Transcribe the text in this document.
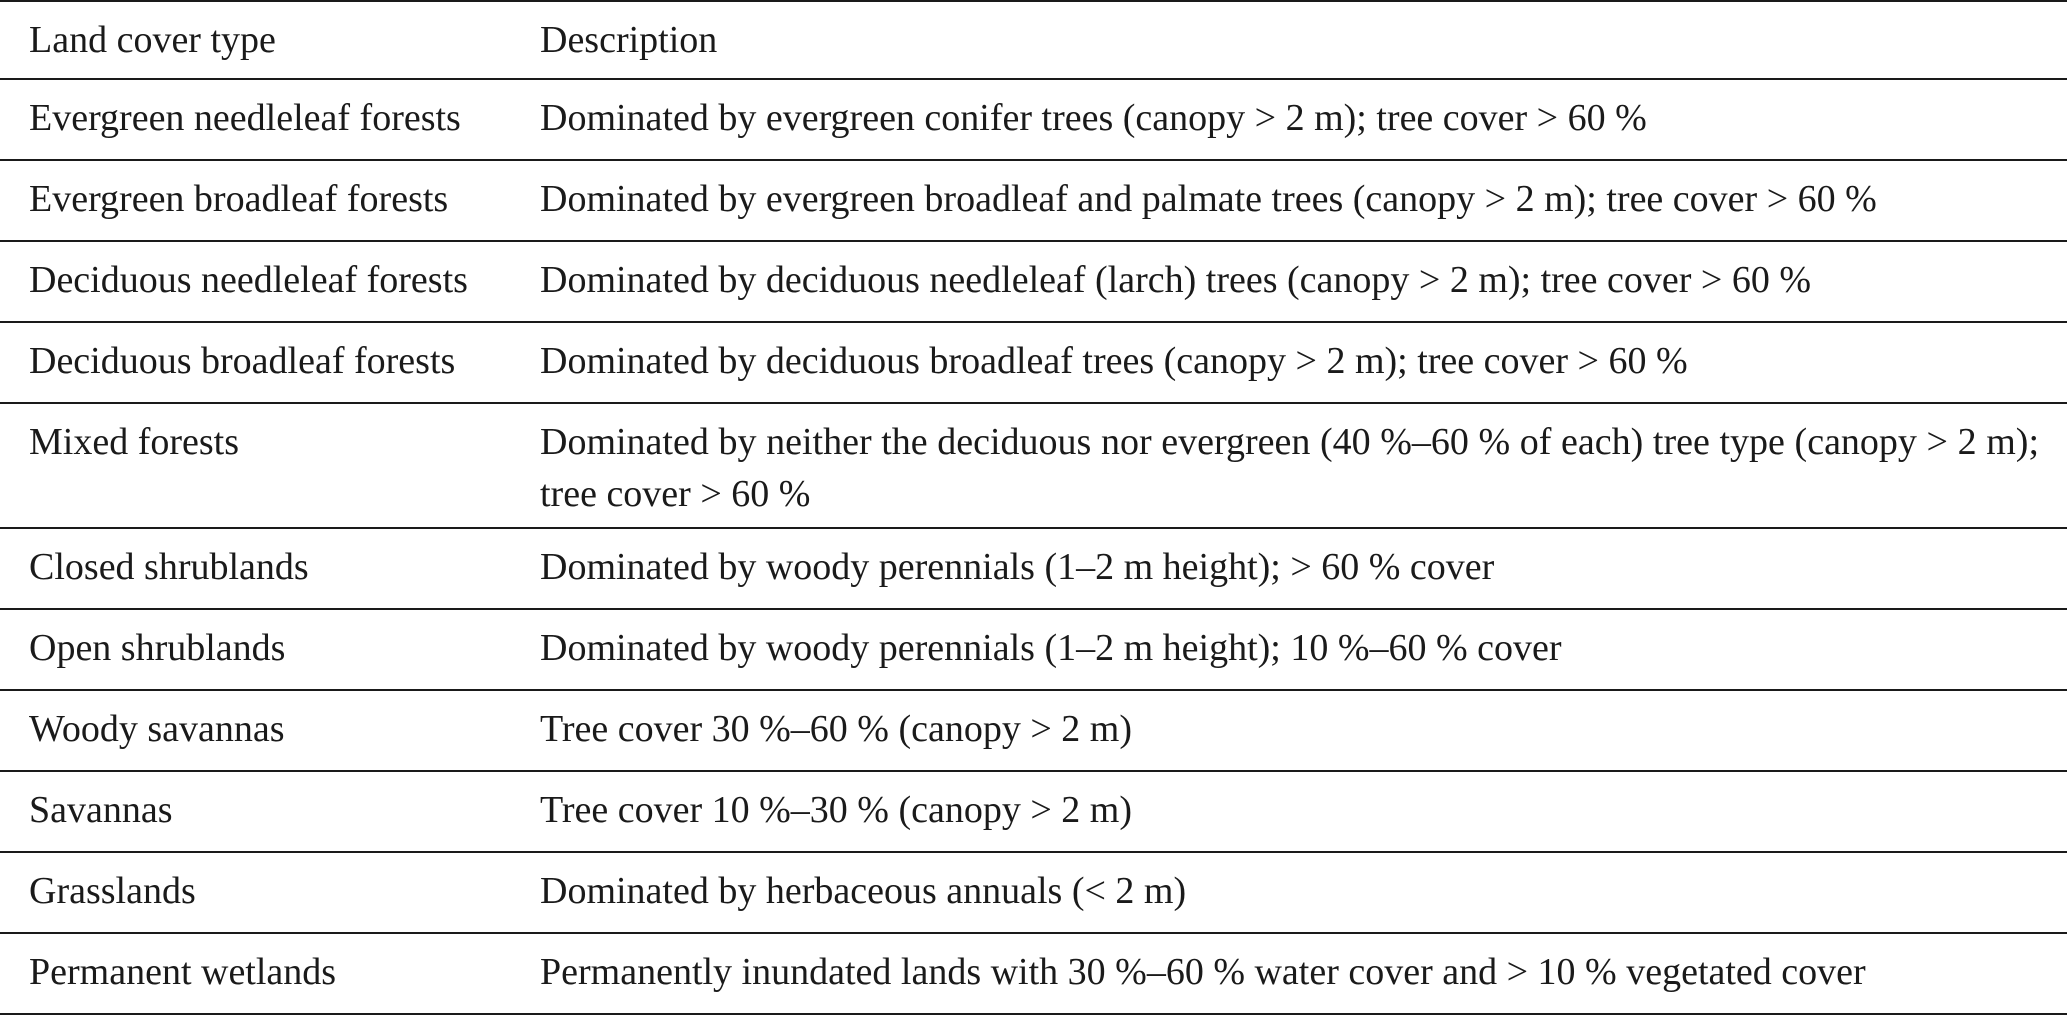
Land cover type	Description
Evergreen needleleaf forests	Dominated by evergreen conifer trees (canopy > 2 m); tree cover > 60 %
Evergreen broadleaf forests	Dominated by evergreen broadleaf and palmate trees (canopy > 2 m); tree cover > 60 %
Deciduous needleleaf forests	Dominated by deciduous needleleaf (larch) trees (canopy > 2 m); tree cover > 60 %
Deciduous broadleaf forests	Dominated by deciduous broadleaf trees (canopy > 2 m); tree cover > 60 %
Mixed forests	Dominated by neither the deciduous nor evergreen (40 %–60 % of each) tree type (canopy > 2 m); tree cover > 60 %
Closed shrublands	Dominated by woody perennials (1–2 m height); > 60 % cover
Open shrublands	Dominated by woody perennials (1–2 m height); 10 %–60 % cover
Woody savannas	Tree cover 30 %–60 % (canopy > 2 m)
Savannas	Tree cover 10 %–30 % (canopy > 2 m)
Grasslands	Dominated by herbaceous annuals (< 2 m)
Permanent wetlands	Permanently inundated lands with 30 %–60 % water cover and > 10 % vegetated cover
